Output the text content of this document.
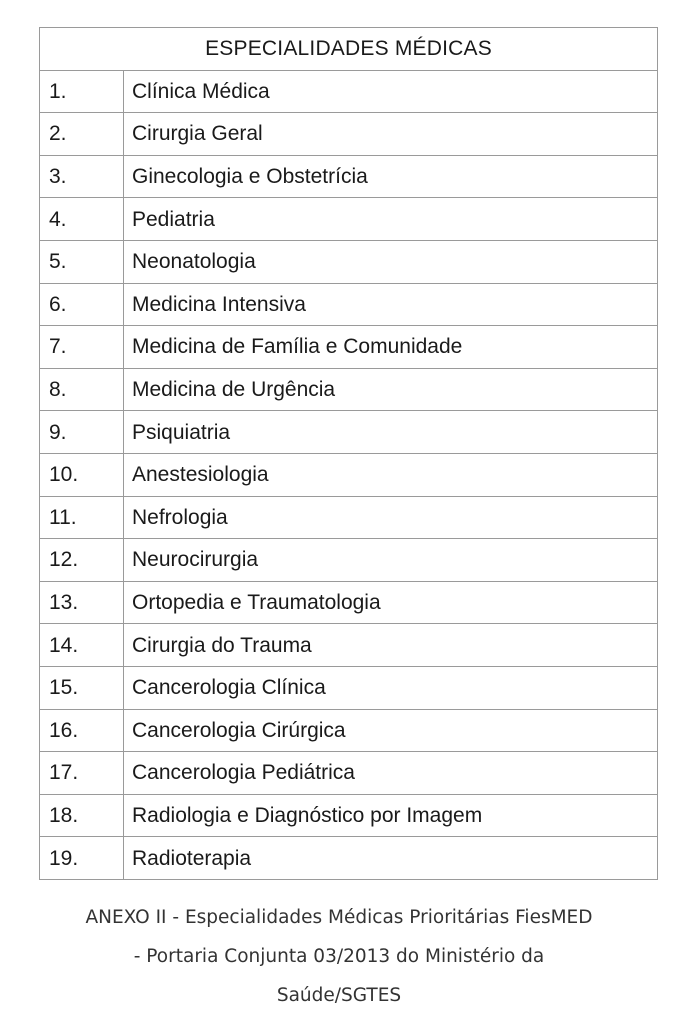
ESPECIALIDADES MÉDICAS	
1.	Clínica Médica
2.	Cirurgia Geral
3.	Ginecologia e Obstetrícia
4.	Pediatria
5.	Neonatologia
6.	Medicina Intensiva
7.	Medicina de Família e Comunidade
8.	Medicina de Urgência
9.	Psiquiatria
10.	Anestesiologia
11.	Nefrologia
12.	Neurocirurgia
13.	Ortopedia e Traumatologia
14.	Cirurgia do Trauma
15.	Cancerologia Clínica
16.	Cancerologia Cirúrgica
17.	Cancerologia Pediátrica
18.	Radiologia e Diagnóstico por Imagem
19.	Radioterapia
ANEXO II - Especialidades Médicas Prioritárias FiesMED
- Portaria Conjunta 03/2013 do Ministério da
Saúde/SGTES
